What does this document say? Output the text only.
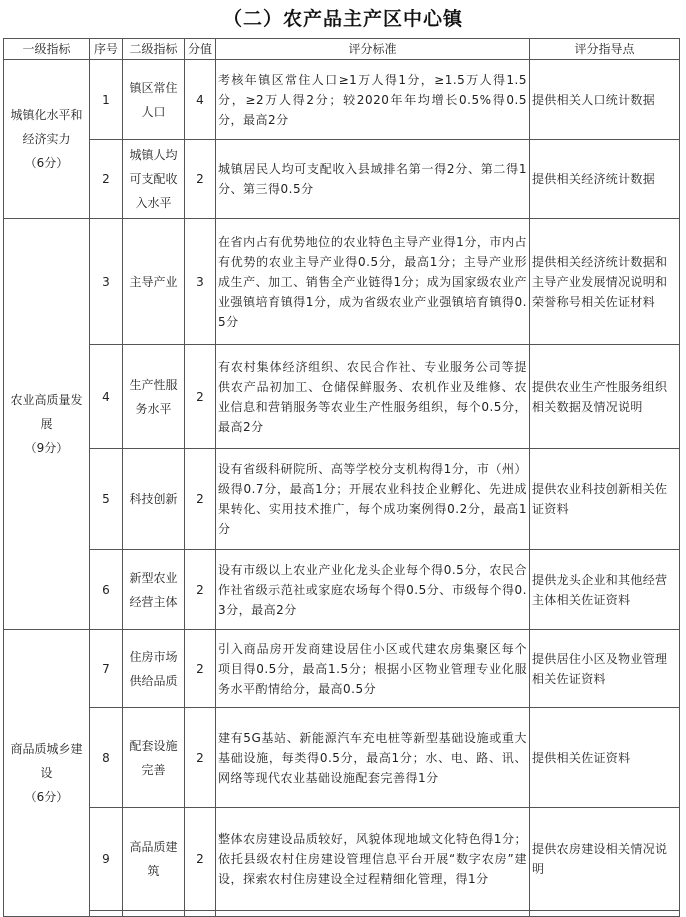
（二）农产品主产区中心镇
一级指标	序号	二级指标	分值	评分标准	评分指导点	

城镇化水平和经济实力
（6分）	1	镇区常住人口	4	考核年镇区常住人口≥1万人得1分，≥1.5万人得1.5分，≥2万人得2分；较2020年年均增长0.5%得0.5分，最高2分	提供相关人口统计数据	
	2	城镇人均可支配收入水平	2	城镇居民人均可支配收入县域排名第一得2分、第二得1分、第三得0.5分	提供相关经济统计数据	

农业高质量发展
（9分）	3	主导产业	3	在省内占有优势地位的农业特色主导产业得1分，市内占有优势的农业主导产业得0.5分，最高1分；主导产业形成生产、加工、销售全产业链得1分；成为国家级农业产业强镇培育镇得1分，成为省级农业产业强镇培育镇得0.5分	提供相关经济统计数据和主导产业发展情况说明和荣誉称号相关佐证材料	
	4	生产性服务水平	2	有农村集体经济组织、农民合作社、专业服务公司等提供农产品初加工、仓储保鲜服务、农机作业及维修、农业信息和营销服务等农业生产性服务组织，每个0.5分，最高2分	提供农业生产性服务组织相关数据及情况说明	
	5	科技创新	2	设有省级科研院所、高等学校分支机构得1分，市（州）级得0.7分，最高1分；开展农业科技企业孵化、先进成果转化、实用技术推广，每个成功案例得0.2分，最高1分	提供农业科技创新相关佐证资料	
	6	新型农业经营主体	2	设有市级以上农业产业化龙头企业每个得0.5分，农民合作社省级示范社或家庭农场每个得0.5分、市级每个得0.3分，最高2分	提供龙头企业和其他经营主体相关佐证资料	

商品质城乡建设
（6分）	7	住房市场供给品质	2	引入商品房开发商建设居住小区或代建农房集聚区每个项目得0.5分，最高1.5分；根据小区物业管理专业化服务水平酌情给分，最高0.5分	提供居住小区及物业管理相关佐证资料	
	8	配套设施完善	2	建有5G基站、新能源汽车充电桩等新型基础设施或重大基础设施，每类得0.5分，最高1分；水、电、路、讯、网络等现代农业基础设施配套完善得1分	提供相关佐证资料	
	9	高品质建筑	2	整体农房建设品质较好，风貌体现地域文化特色得1分；依托县级农村住房建设管理信息平台开展“数字农房”建设，探索农村住房建设全过程精细化管理，得1分	提供农房建设相关情况说明	
